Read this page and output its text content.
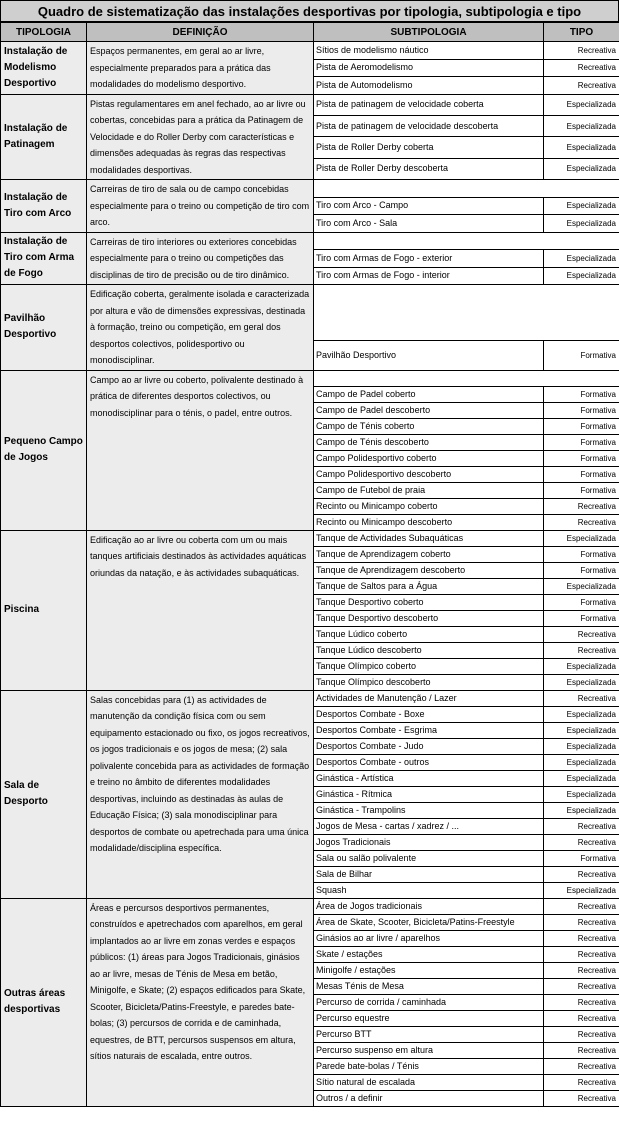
Quadro de sistematização das instalações desportivas por tipologia, subtipologia e tipo
TIPOLOGIA	DEFINIÇÃO	SUBTIPOLOGIA	TIPO
Instalação de Modelismo Desportivo	Espaços permanentes, em geral ao ar livre, especialmente preparados para a prática das modalidades do modelismo desportivo.	Sítios de modelismo náutico	Recreativa
		Pista de Aeromodelismo	Recreativa
		Pista de Automodelismo	Recreativa
Instalação de Patinagem	Pistas regulamentares em anel fechado, ao ar livre ou cobertas, concebidas para a prática da Patinagem de Velocidade e do Roller Derby com características e dimensões adequadas às regras das respectivas modalidades desportivas.	Pista de patinagem de velocidade coberta	Especializada
		Pista de patinagem de velocidade descoberta	Especializada
		Pista de Roller Derby coberta	Especializada
		Pista de Roller Derby descoberta	Especializada
Instalação de Tiro com Arco	Carreiras de tiro de sala ou de campo concebidas especialmente para o treino ou competição de tiro com arco.		
		Tiro com Arco - Campo	Especializada
		Tiro com Arco - Sala	Especializada
Instalação de Tiro com Arma de Fogo	Carreiras de tiro interiores ou exteriores concebidas especialmente para o treino ou competições das disciplinas de tiro de precisão ou de tiro dinâmico.		
		Tiro com Armas de Fogo - exterior	Especializada
		Tiro com Armas de Fogo - interior	Especializada
Pavilhão Desportivo	Edificação coberta, geralmente isolada e caracterizada por altura e vão de dimensões expressivas, destinada à formação, treino ou competição, em geral dos desportos colectivos, polidesportivo ou monodisciplinar.		

		Pavilhão Desportivo	Formativa
Pequeno Campo de Jogos	Campo ao ar livre ou coberto, polivalente destinado à prática de diferentes desportos colectivos, ou monodisciplinar para o ténis, o padel, entre outros.		
		Campo de Padel coberto	Formativa
		Campo de Padel descoberto	Formativa
		Campo de Ténis coberto	Formativa
		Campo de Ténis descoberto	Formativa
		Campo Polidesportivo coberto	Formativa
		Campo Polidesportivo descoberto	Formativa
		Campo de Futebol de praia	Formativa
		Recinto ou Minicampo coberto	Recreativa
		Recinto ou Minicampo descoberto	Recreativa
Piscina	Edificação ao ar livre ou coberta com um ou mais tanques artificiais destinados às actividades aquáticas oriundas da natação, e às actividades subaquáticas.	Tanque de Actividades Subaquáticas	Especializada
		Tanque de Aprendizagem coberto	Formativa
		Tanque de Aprendizagem descoberto	Formativa
		Tanque de Saltos para a Água	Especializada
		Tanque Desportivo coberto	Formativa
		Tanque Desportivo descoberto	Formativa
		Tanque Lúdico coberto	Recreativa
		Tanque Lúdico descoberto	Recreativa
		Tanque Olímpico coberto	Especializada
		Tanque Olímpico descoberto	Especializada
Sala de Desporto	Salas concebidas para (1) as actividades de manutenção da condição física com ou sem equipamento estacionado ou fixo, os jogos recreativos, os jogos tradicionais e os jogos de mesa; (2) sala polivalente concebida para as actividades de formação e treino no âmbito de diferentes modalidades desportivas, incluindo as destinadas às aulas de Educação Física; (3) sala monodisciplinar para desportos de combate ou apetrechada para uma única modalidade/disciplina específica.	Actividades de Manutenção / Lazer	Recreativa
		Desportos Combate - Boxe	Especializada
		Desportos Combate - Esgrima	Especializada
		Desportos Combate - Judo	Especializada
		Desportos Combate - outros	Especializada
		Ginástica - Artística	Especializada
		Ginástica - Rítmica	Especializada
		Ginástica - Trampolins	Especializada
		Jogos de Mesa - cartas / xadrez / ...	Recreativa
		Jogos Tradicionais	Recreativa
		Sala ou salão polivalente	Formativa
		Sala de Bilhar	Recreativa
		Squash	Especializada
Outras áreas desportivas	Áreas e percursos desportivos permanentes, construídos e apetrechados com aparelhos, em geral implantados ao ar livre em zonas verdes e espaços públicos: (1) áreas para Jogos Tradicionais, ginásios ao ar livre, mesas de Ténis de Mesa em betão, Minigolfe, e Skate; (2) espaços edificados para Skate, Scooter, Bicicleta/Patins-Freestyle, e paredes bate-bolas; (3) percursos de corrida e de caminhada, equestres, de BTT, percursos suspensos em altura, sítios naturais de escalada, entre outros.	Área de Jogos tradicionais	Recreativa
		Área de Skate, Scooter, Bicicleta/Patins-Freestyle	Recreativa
		Ginásios ao ar livre / aparelhos	Recreativa
		Skate / estações	Recreativa
		Minigolfe / estações	Recreativa
		Mesas Ténis de Mesa	Recreativa
		Percurso de corrida / caminhada	Recreativa
		Percurso equestre	Recreativa
		Percurso BTT	Recreativa
		Percurso suspenso em altura	Recreativa
		Parede bate-bolas / Ténis	Recreativa
		Sítio natural de escalada	Recreativa
		Outros / a definir	Recreativa
